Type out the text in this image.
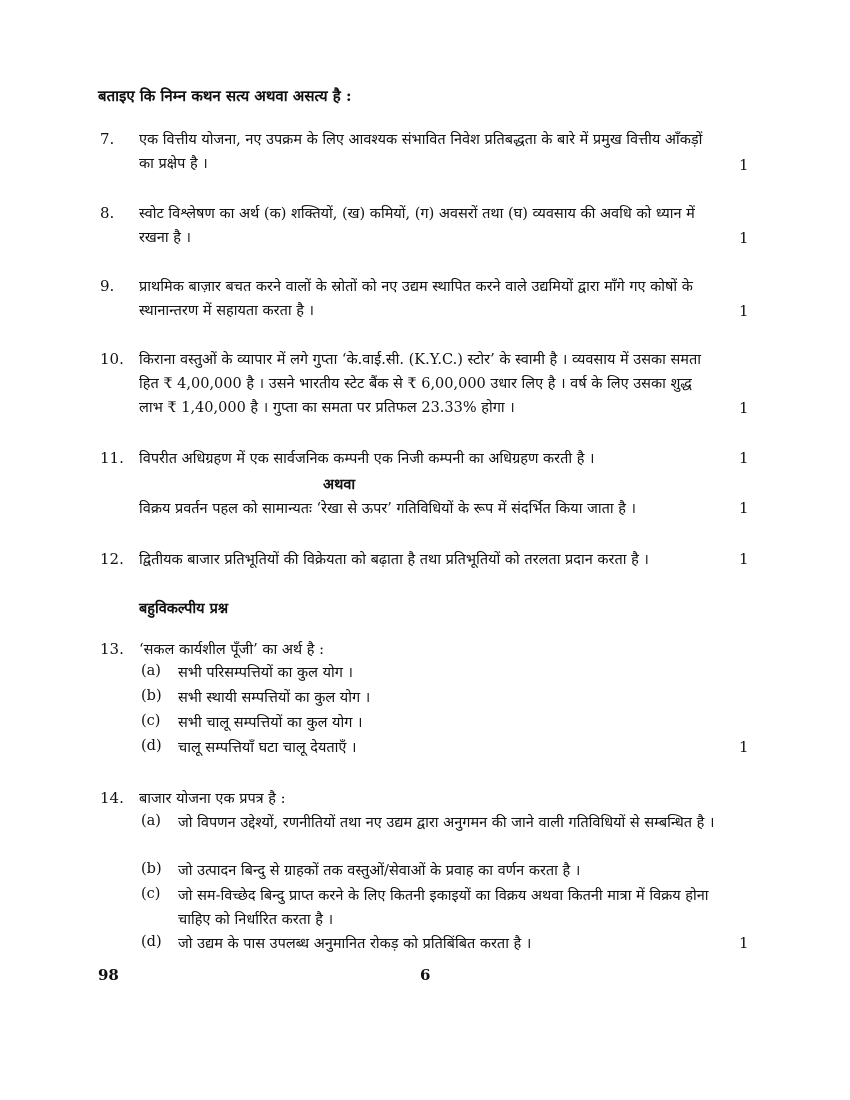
बताइए कि निम्न कथन सत्य अथवा असत्य है :
7.	एक वित्तीय योजना, नए उपक्रम के लिए आवश्यक संभावित निवेश प्रतिबद्धता के बारे में प्रमुख वित्तीय आँकड़ों का प्रक्षेप है ।	1
8.	स्वोट विश्लेषण का अर्थ (क) शक्तियों, (ख) कमियों, (ग) अवसरों तथा (घ) व्यवसाय की अवधि को ध्यान में रखना है ।	1
9.	प्राथमिक बाज़ार बचत करने वालों के स्रोतों को नए उद्यम स्थापित करने वाले उद्यमियों द्वारा माँगे गए कोषों के स्थानान्तरण में सहायता करता है ।	1
10.	किराना वस्तुओं के व्यापार में लगे गुप्ता ‘के.वाई.सी. (K.Y.C.) स्टोर’ के स्वामी है । व्यवसाय में उसका समता हित ₹ 4,00,000 है । उसने भारतीय स्टेट बैंक से ₹ 6,00,000 उधार लिए है । वर्ष के लिए उसका शुद्ध लाभ ₹ 1,40,000 है । गुप्ता का समता पर प्रतिफल 23.33% होगा ।	1
11.	विपरीत अधिग्रहण में एक सार्वजनिक कम्पनी एक निजी कम्पनी का अधिग्रहण करती है ।	1
अथवा
विक्रय प्रवर्तन पहल को सामान्यतः ‘रेखा से ऊपर’ गतिविधियों के रूप में संदर्भित किया जाता है ।	1
12.	द्वितीयक बाजार प्रतिभूतियों की विक्रेयता को बढ़ाता है तथा प्रतिभूतियों को तरलता प्रदान करता है ।	1
बहुविकल्पीय प्रश्न
13.	‘सकल कार्यशील पूँजी’ का अर्थ है :
(a) सभी परिसम्पत्तियों का कुल योग ।
(b) सभी स्थायी सम्पत्तियों का कुल योग ।
(c) सभी चालू सम्पत्तियों का कुल योग ।
(d) चालू सम्पत्तियाँ घटा चालू देयताएँ ।	1
14.	बाजार योजना एक प्रपत्र है :
(a) जो विपणन उद्देश्यों, रणनीतियों तथा नए उद्यम द्वारा अनुगमन की जाने वाली गतिविधियों से सम्बन्धित है ।
(b) जो उत्पादन बिन्दु से ग्राहकों तक वस्तुओं/सेवाओं के प्रवाह का वर्णन करता है ।
(c) जो सम-विच्छेद बिन्दु प्राप्त करने के लिए कितनी इकाइयों का विक्रय अथवा कितनी मात्रा में विक्रय होना चाहिए को निर्धारित करता है ।
(d) जो उद्यम के पास उपलब्ध अनुमानित रोकड़ को प्रतिबिंबित करता है ।	1
98	6
